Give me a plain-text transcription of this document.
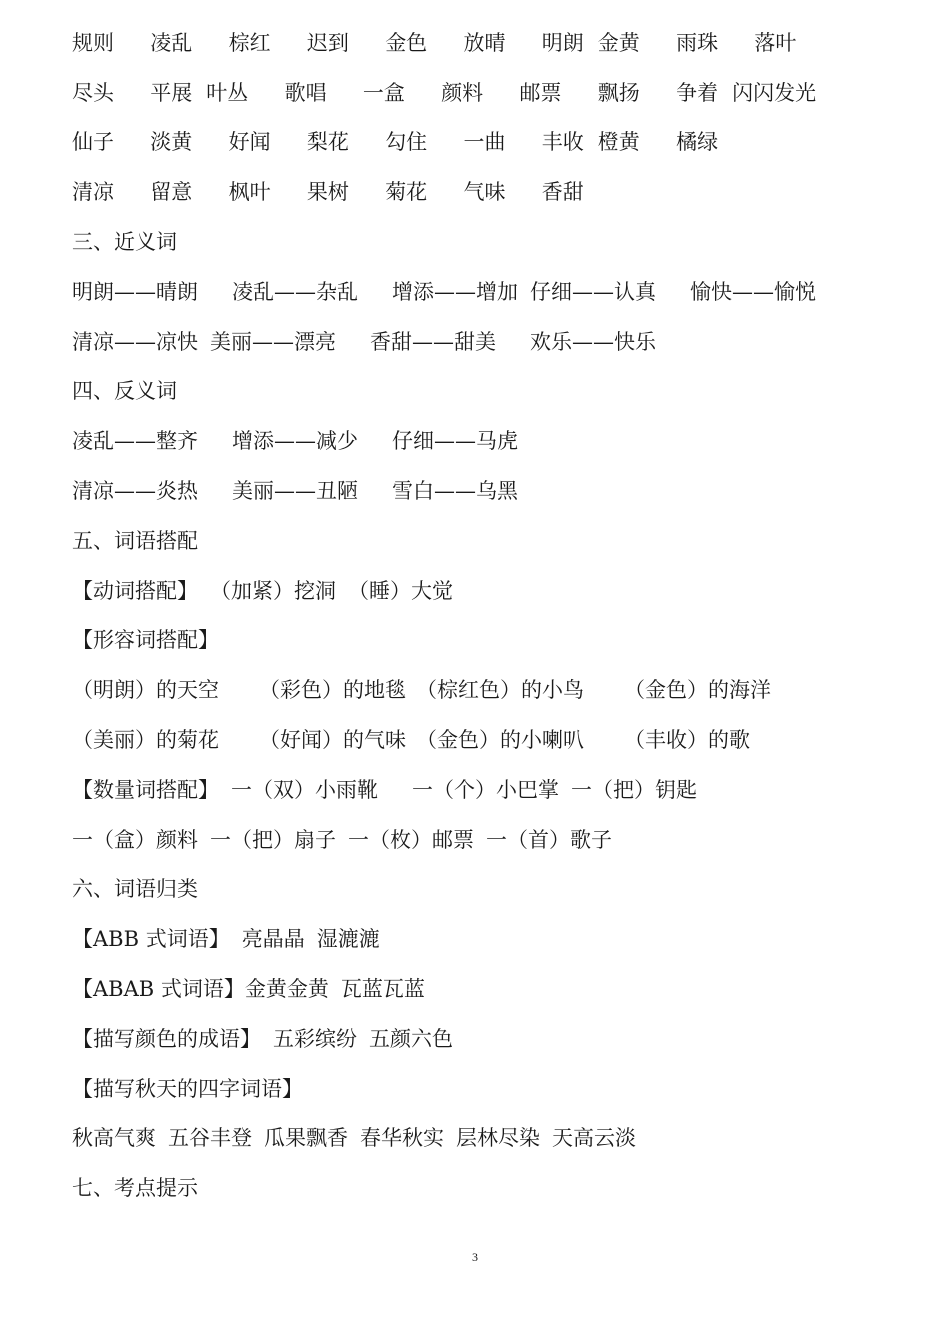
规则	凌乱	棕红	迟到	金色	放晴	明朗 金黄	雨珠	落叶
尽头	平展 叶丛	歌唱	一盒	颜料	邮票	飘扬	争着 闪闪发光
仙子	淡黄	好闻	梨花	勾住	一曲	丰收 橙黄	橘绿
清凉	留意	枫叶	果树	菊花	气味	香甜
三、近义词
明朗——晴朗 凌乱——杂乱 增添——增加 仔细——认真 愉快——愉悦
清凉——凉快 美丽——漂亮 香甜——甜美 欢乐——快乐
四、反义词
凌乱——整齐 增添——减少 仔细——马虎
清凉——炎热 美丽——丑陋 雪白——乌黑
五、词语搭配
【动词搭配】 （加紧）挖洞 （睡）大觉
【形容词搭配】
（明朗）的天空 （彩色）的地毯 （棕红色）的小鸟 （金色）的海洋
（美丽）的菊花 （好闻）的气味 （金色）的小喇叭 （丰收）的歌
【数量词搭配】 一（双）小雨靴 一（个）小巴掌 一（把）钥匙
一（盒）颜料 一（把）扇子 一（枚）邮票 一（首）歌子
六、词语归类
【ABB 式词语】 亮晶晶 湿漉漉
【ABAB 式词语】 金黄金黄 瓦蓝瓦蓝
【描写颜色的成语】 五彩缤纷 五颜六色
【描写秋天的四字词语】
秋高气爽 五谷丰登 瓜果飘香 春华秋实 层林尽染 天高云淡
七、考点提示
3
